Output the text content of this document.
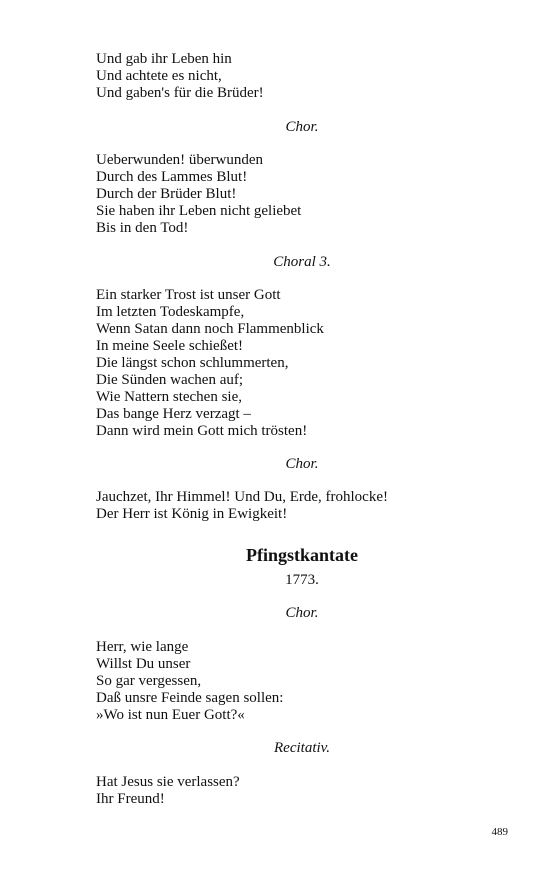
Und gab ihr Leben hin
Und achtete es nicht,
Und gaben's für die Brüder!
Chor.
Ueberwunden! überwunden
Durch des Lammes Blut!
Durch der Brüder Blut!
Sie haben ihr Leben nicht geliebet
Bis in den Tod!
Choral 3.
Ein starker Trost ist unser Gott
Im letzten Todeskampfe,
Wenn Satan dann noch Flammenblick
In meine Seele schießet!
Die längst schon schlummerten,
Die Sünden wachen auf;
Wie Nattern stechen sie,
Das bange Herz verzagt –
Dann wird mein Gott mich trösten!
Chor.
Jauchzet, Ihr Himmel! Und Du, Erde, frohlocke!
Der Herr ist König in Ewigkeit!
Pfingstkantate
1773.
Chor.
Herr, wie lange
Willst Du unser
So gar vergessen,
Daß unsre Feinde sagen sollen:
»Wo ist nun Euer Gott?«
Recitativ.
Hat Jesus sie verlassen?
Ihr Freund!
489
